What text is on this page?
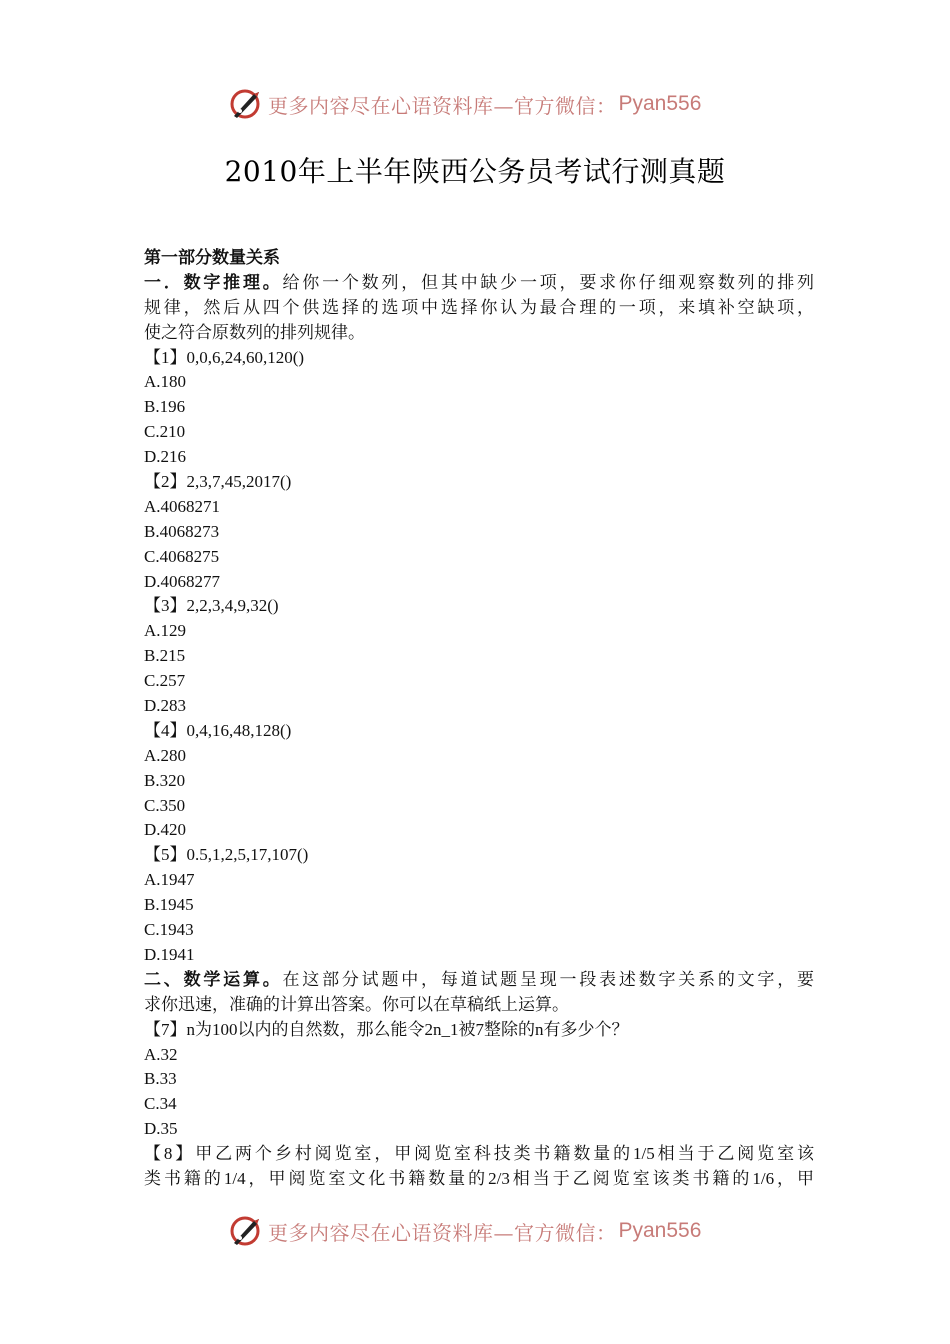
更多内容尽在心语资料库—官方微信： Pyan556
2010年上半年陕西公务员考试行测真题
第一部分数量关系
一．数字推理。给你一个数列，但其中缺少一项，要求你仔细观察数列的排列
规律，然后从四个供选择的选项中选择你认为最合理的一项，来填补空缺项，
使之符合原数列的排列规律。
【1】0,0,6,24,60,120()
A.180
B.196
C.210
D.216
【2】2,3,7,45,2017()
A.4068271
B.4068273
C.4068275
D.4068277
【3】2,2,3,4,9,32()
A.129
B.215
C.257
D.283
【4】0,4,16,48,128()
A.280
B.320
C.350
D.420
【5】0.5,1,2,5,17,107()
A.1947
B.1945
C.1943
D.1941
二、数学运算。在这部分试题中，每道试题呈现一段表述数字关系的文字，要
求你迅速，准确的计算出答案。你可以在草稿纸上运算。
【7】n为100以内的自然数，那么能令2n_1被7整除的n有多少个？
A.32
B.33
C.34
D.35
【8】甲乙两个乡村阅览室，甲阅览室科技类书籍数量的1/5相当于乙阅览室该
类书籍的1/4，甲阅览室文化书籍数量的2/3相当于乙阅览室该类书籍的1/6，甲
更多内容尽在心语资料库—官方微信： Pyan556
